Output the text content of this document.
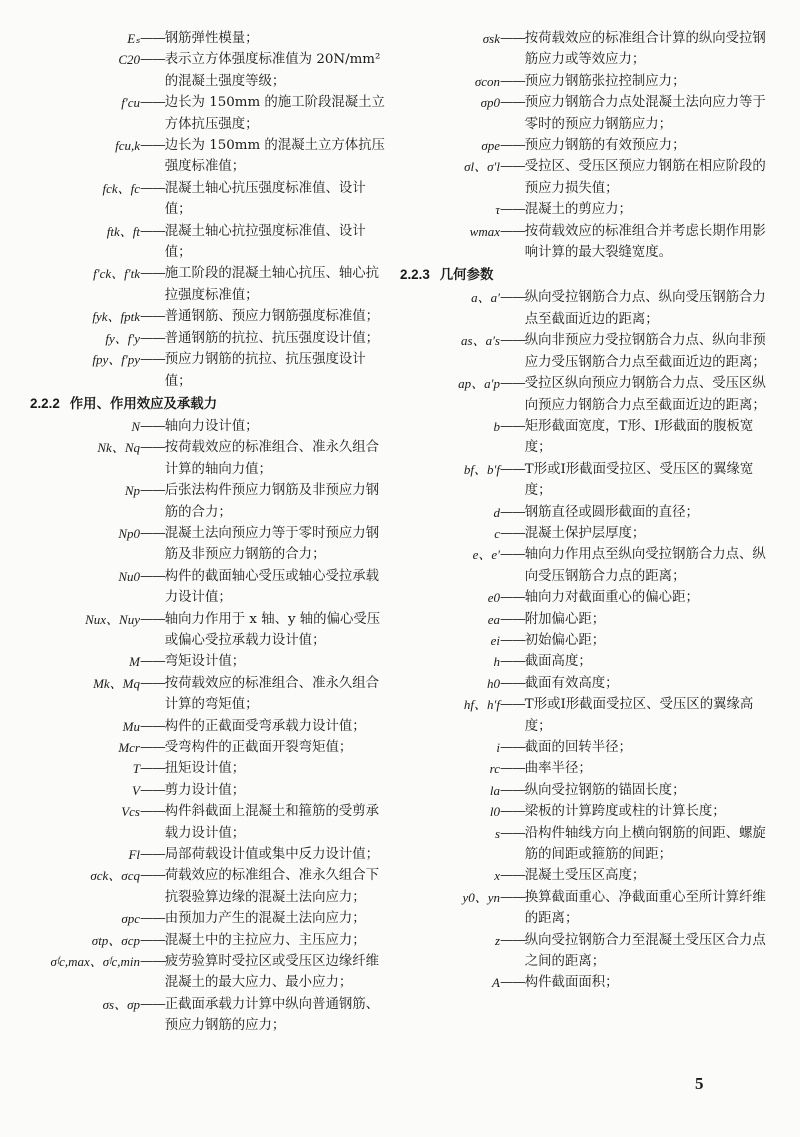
Eₛ —— 钢筋弹性模量；
C20 —— 表示立方体强度标准值为 20N/mm² 的混凝土强度等级；
f′cu —— 边长为 150mm 的施工阶段混凝土立方体抗压强度；
fcu,k —— 边长为 150mm 的混凝土立方体抗压强度标准值；
fck、fc —— 混凝土轴心抗压强度标准值、设计值；
ftk、ft —— 混凝土轴心抗拉强度标准值、设计值；
f′ck、f′tk —— 施工阶段的混凝土轴心抗压、轴心抗拉强度标准值；
fyk、fptk —— 普通钢筋、预应力钢筋强度标准值；
fy、f′y —— 普通钢筋的抗拉、抗压强度设计值；
fpy、f′py —— 预应力钢筋的抗拉、抗压强度设计值；
2.2.2 作用、作用效应及承载力
N —— 轴向力设计值；
Nk、Nq —— 按荷载效应的标准组合、准永久组合计算的轴向力值；
Np —— 后张法构件预应力钢筋及非预应力钢筋的合力；
Np0 —— 混凝土法向预应力等于零时预应力钢筋及非预应力钢筋的合力；
Nu0 —— 构件的截面轴心受压或轴心受拉承载力设计值；
Nux、Nuy —— 轴向力作用于 x 轴、y 轴的偏心受压或偏心受拉承载力设计值；
M —— 弯矩设计值；
Mk、Mq —— 按荷载效应的标准组合、准永久组合计算的弯矩值；
Mu —— 构件的正截面受弯承载力设计值；
Mcr —— 受弯构件的正截面开裂弯矩值；
T —— 扭矩设计值；
V —— 剪力设计值；
Vcs —— 构件斜截面上混凝土和箍筋的受剪承载力设计值；
Fl —— 局部荷载设计值或集中反力设计值；
σck、σcq —— 荷载效应的标准组合、准永久组合下抗裂验算边缘的混凝土法向应力；
σpc —— 由预加力产生的混凝土法向应力；
σtp、σcp —— 混凝土中的主拉应力、主压应力；
σᶠc,max、σᶠc,min —— 疲劳验算时受拉区或受压区边缘纤维混凝土的最大应力、最小应力；
σs、σp —— 正截面承载力计算中纵向普通钢筋、预应力钢筋的应力；
σsk —— 按荷载效应的标准组合计算的纵向受拉钢筋应力或等效应力；
σcon —— 预应力钢筋张拉控制应力；
σp0 —— 预应力钢筋合力点处混凝土法向应力等于零时的预应力钢筋应力；
σpe —— 预应力钢筋的有效预应力；
σl、σ′l —— 受拉区、受压区预应力钢筋在相应阶段的预应力损失值；
τ —— 混凝土的剪应力；
wmax —— 按荷载效应的标准组合并考虑长期作用影响计算的最大裂缝宽度。
2.2.3 几何参数
a、a′ —— 纵向受拉钢筋合力点、纵向受压钢筋合力点至截面近边的距离；
as、a′s —— 纵向非预应力受拉钢筋合力点、纵向非预应力受压钢筋合力点至截面近边的距离；
ap、a′p —— 受拉区纵向预应力钢筋合力点、受压区纵向预应力钢筋合力点至截面近边的距离；
b —— 矩形截面宽度，T形、I形截面的腹板宽度；
bf、b′f —— T形或I形截面受拉区、受压区的翼缘宽度；
d —— 钢筋直径或圆形截面的直径；
c —— 混凝土保护层厚度；
e、e′ —— 轴向力作用点至纵向受拉钢筋合力点、纵向受压钢筋合力点的距离；
e0 —— 轴向力对截面重心的偏心距；
ea —— 附加偏心距；
ei —— 初始偏心距；
h —— 截面高度；
h0 —— 截面有效高度；
hf、h′f —— T形或I形截面受拉区、受压区的翼缘高度；
i —— 截面的回转半径；
rc —— 曲率半径；
la —— 纵向受拉钢筋的锚固长度；
l0 —— 梁板的计算跨度或柱的计算长度；
s —— 沿构件轴线方向上横向钢筋的间距、螺旋筋的间距或箍筋的间距；
x —— 混凝土受压区高度；
y0、yn —— 换算截面重心、净截面重心至所计算纤维的距离；
z —— 纵向受拉钢筋合力至混凝土受压区合力点之间的距离；
A —— 构件截面面积；
5
